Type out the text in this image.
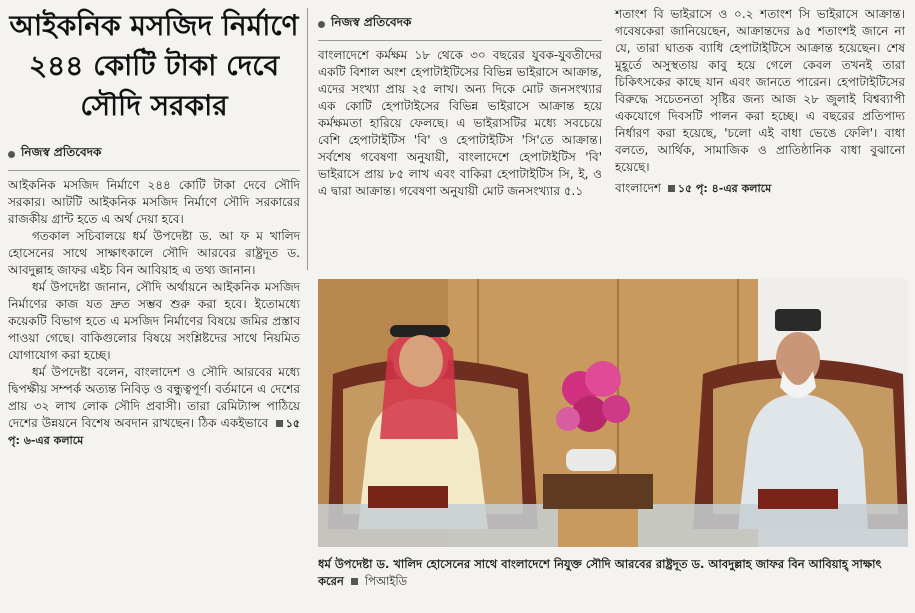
আইকনিক মসজিদ নির্মাণে
২৪৪ কোটি টাকা দেবে
সৌদি সরকার
নিজস্ব প্রতিবেদক

আইকনিক মসজিদ নির্মাণে ২৪৪ কোটি টাকা দেবে সৌদি সরকার। আটটি আইকনিক মসজিদ নির্মাণে সৌদি সরকারের রাজকীয় গ্রান্ট হতে এ অর্থ দেয়া হবে।

গতকাল সচিবালয়ে ধর্ম উপদেষ্টা ড. আ ফ ম খালিদ হোসেনের সাথে সাক্ষাৎকালে সৌদি আরবের রাষ্ট্রদূত ড. আবদুল্লাহ জাফর এইচ বিন আবিয়াহ এ তথ্য জানান।

ধর্ম উপদেষ্টা জানান, সৌদি অর্থায়নে আইকনিক মসজিদ নির্মাণের কাজ যত দ্রুত সম্ভব শুরু করা হবে। ইতোমধ্যে কয়েকটি বিভাগ হতে এ মসজিদ নির্মাণের বিষয়ে জমির প্রস্তাব পাওয়া গেছে। বাকিগুলোর বিষয়ে সংশ্লিষ্টদের সাথে নিয়মিত যোগাযোগ করা হচ্ছে।

ধর্ম উপদেষ্টা বলেন, বাংলাদেশ ও সৌদি আরবের মধ্যে দ্বিপক্ষীয় সম্পর্ক অত্যন্ত নিবিড় ও বন্ধুত্বপূর্ণ। বর্তমানে এ দেশের প্রায় ৩২ লাখ লোক সৌদি প্রবাসী। তারা রেমিট্যান্স পাঠিয়ে দেশের উন্নয়নে বিশেষ অবদান রাখছেন। ঠিক একইভাবে ১৫ পৃ: ৬-এর কলামে

নিজস্ব প্রতিবেদক

বাংলাদেশে কর্মক্ষম ১৮ থেকে ৩০ বছরের যুবক-যুবতীদের একটি বিশাল অংশ হেপাটাইটিসের বিভিন্ন ভাইরাসে আক্রান্ত, এদের সংখ্যা প্রায় ২৫ লাখ। অন্য দিকে মোট জনসংখ্যার এক কোটি হেপাটাইসের বিভিন্ন ভাইরাসে আক্রান্ত হয়ে কর্মক্ষমতা হারিয়ে ফেলছে। এ ভাইরাসটির মধ্যে সবচেয়ে বেশি হেপাটাইটিস 'বি' ও হেপাটাইটিস 'সি'তে আক্রান্ত। সর্বশেষ গবেষণা অনুযায়ী, বাংলাদেশে হেপাটাইটিস 'বি' ভাইরাসে প্রায় ৮৫ লাখ এবং বাকিরা হেপাটাইটিস সি, ই, ও এ দ্বারা আক্রান্ত। গবেষণা অনুযায়ী মোট জনসংখ্যার ৫.১

শতাংশ বি ভাইরাসে ও ০.২ শতাংশ সি ভাইরাসে আক্রান্ত। গবেষকেরা জানিয়েছেন, আক্রান্তদের ৯৫ শতাংশই জানে না যে, তারা ঘাতক ব্যাধি হেপাটাইটিসে আক্রান্ত হয়েছেন। শেষ মুহূর্তে অসুস্থতায় কাবু হয়ে গেলে কেবল তখনই তারা চিকিৎসকের কাছে যান এবং জানতে পারেন। হেপাটাইটিসের বিরুদ্ধে সচেতনতা সৃষ্টির জন্য আজ ২৮ জুলাই বিশ্বব্যাপী একযোগে দিবসটি পালন করা হচ্ছে। এ বছরের প্রতিপাদ্য নির্ধারণ করা হয়েছে, 'চলো এই বাধা ভেঙে ফেলি'। বাধা বলতে, আর্থিক, সামাজিক ও প্রাতিষ্ঠানিক বাধা বুঝানো হয়েছে।

বাংলাদেশ ১৫ পৃ: ৪-এর কলামে

ধর্ম উপদেষ্টা ড. খালিদ হোসেনের সাথে বাংলাদেশে নিযুক্ত সৌদি আরবের রাষ্ট্রদূত ড. আবদুল্লাহ জাফর বিন আবিয়াহ্ সাক্ষাৎ করেন পিআইডি
